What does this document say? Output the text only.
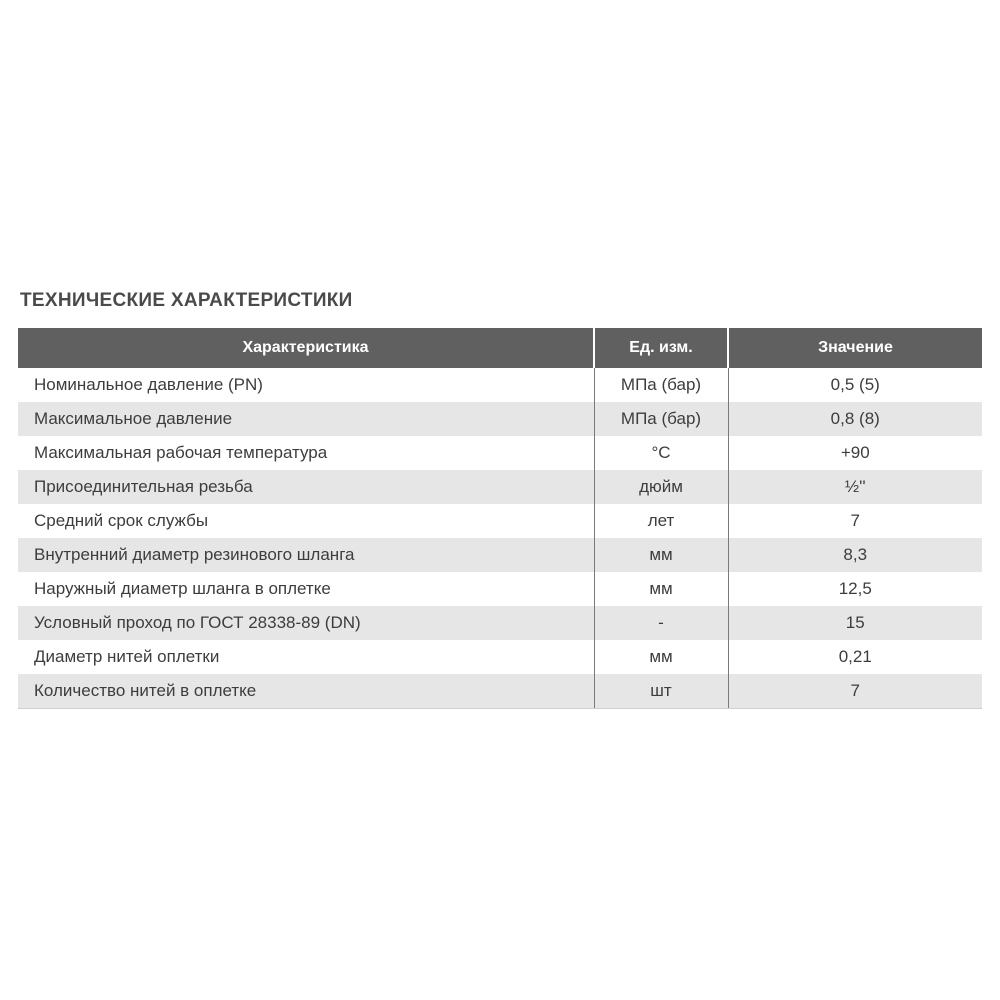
ТЕХНИЧЕСКИЕ ХАРАКТЕРИСТИКИ
Характеристика	Ед. изм.	Значение
Номинальное давление (PN)	МПа (бар)	0,5 (5)
Максимальное давление	МПа (бар)	0,8 (8)
Максимальная рабочая температура	°С	+90
Присоединительная резьба	дюйм	½''
Средний срок службы	лет	7
Внутренний диаметр резинового шланга	мм	8,3
Наружный диаметр шланга в оплетке	мм	12,5
Условный проход по ГОСТ 28338-89 (DN)	-	15
Диаметр нитей оплетки	мм	0,21
Количество нитей в оплетке	шт	7
